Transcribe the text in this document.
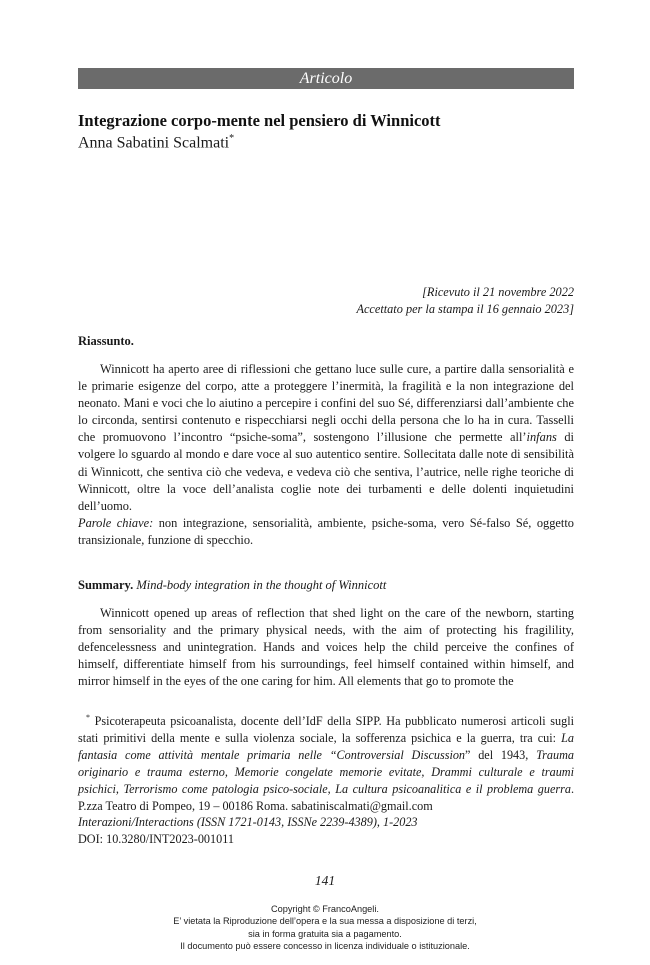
Articolo
Integrazione corpo-mente nel pensiero di Winnicott
Anna Sabatini Scalmati*
[Ricevuto il 21 novembre 2022
Accettato per la stampa il 16 gennaio 2023]
Riassunto.
Winnicott ha aperto aree di riflessioni che gettano luce sulle cure, a partire dalla sensorialità e le primarie esigenze del corpo, atte a proteggere l’inermità, la fragilità e la non integrazione del neonato. Mani e voci che lo aiutino a percepire i confini del suo Sé, differenziarsi dall’ambiente che lo circonda, sentirsi contenuto e rispecchiarsi negli occhi della persona che lo ha in cura. Tasselli che promuovono l’incontro “psiche-soma”, sostengono l’illusione che permette all’infans di volgere lo sguardo al mondo e dare voce al suo autentico sentire. Sollecitata dalle note di sensibilità di Winnicott, che sentiva ciò che vedeva, e vedeva ciò che sentiva, l’autrice, nelle righe teoriche di Winnicott, oltre la voce dell’analista coglie note dei turbamenti e delle dolenti inquietudini dell’uomo.
Parole chiave: non integrazione, sensorialità, ambiente, psiche-soma, vero Sé-falso Sé, oggetto transizionale, funzione di specchio.
Summary. Mind-body integration in the thought of Winnicott
Winnicott opened up areas of reflection that shed light on the care of the newborn, starting from sensoriality and the primary physical needs, with the aim of protecting his fragilility, defencelessness and unintegration. Hands and voices help the child perceive the confines of himself, differentiate himself from his surroundings, feel himself contained within himself, and mirror himself in the eyes of the one caring for him. All elements that go to promote the
* Psicoterapeuta psicoanalista, docente dell’IdF della SIPP. Ha pubblicato numerosi articoli sugli stati primitivi della mente e sulla violenza sociale, la sofferenza psichica e la guerra, tra cui: La fantasia come attività mentale primaria nelle “Controversial Discussion” del 1943, Trauma originario e trauma esterno, Memorie congelate memorie evitate, Drammi culturale e traumi psichici, Terrorismo come patologia psico-sociale, La cultura psicoanalitica e il problema guerra. P.zza Teatro di Pompeo, 19 – 00186 Roma. sabatiniscalmati@gmail.com
Interazioni/Interactions (ISSN 1721-0143, ISSNe 2239-4389), 1-2023
DOI: 10.3280/INT2023-001011
141
Copyright © FrancoAngeli.
E’ vietata la Riproduzione dell’opera e la sua messa a disposizione di terzi,
sia in forma gratuita sia a pagamento.
Il documento può essere concesso in licenza individuale o istituzionale.
